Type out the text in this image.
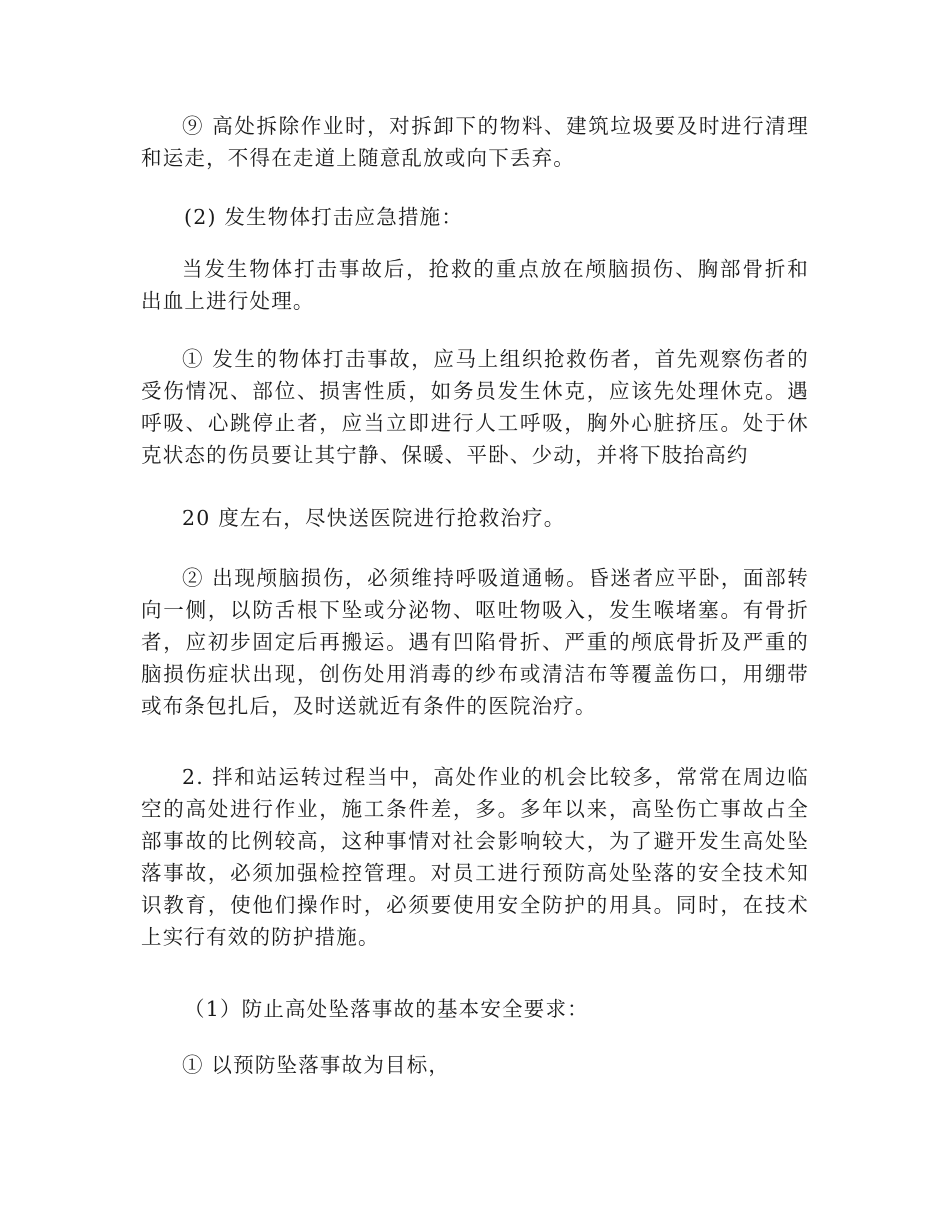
⑨ 高处拆除作业时，对拆卸下的物料、建筑垃圾要及时进行清理和运走，不得在走道上随意乱放或向下丢弃。

(2) 发生物体打击应急措施：

当发生物体打击事故后，抢救的重点放在颅脑损伤、胸部骨折和出血上进行处理。

① 发生的物体打击事故，应马上组织抢救伤者，首先观察伤者的受伤情况、部位、损害性质，如务员发生休克，应该先处理休克。遇呼吸、心跳停止者，应当立即进行人工呼吸，胸外心脏挤压。处于休克状态的伤员要让其宁静、保暖、平卧、少动，并将下肢抬高约

20 度左右，尽快送医院进行抢救治疗。

② 出现颅脑损伤，必须维持呼吸道通畅。昏迷者应平卧，面部转向一侧，以防舌根下坠或分泌物、呕吐物吸入，发生喉堵塞。有骨折者，应初步固定后再搬运。遇有凹陷骨折、严重的颅底骨折及严重的脑损伤症状出现，创伤处用消毒的纱布或清洁布等覆盖伤口，用绷带或布条包扎后，及时送就近有条件的医院治疗。

2. 拌和站运转过程当中，高处作业的机会比较多，常常在周边临空的高处进行作业，施工条件差，多。多年以来，高坠伤亡事故占全部事故的比例较高，这种事情对社会影响较大，为了避开发生高处坠落事故，必须加强检控管理。对员工进行预防高处坠落的安全技术知识教育，使他们操作时，必须要使用安全防护的用具。同时，在技术上实行有效的防护措施。

（1）防止高处坠落事故的基本安全要求：

① 以预防坠落事故为目标，
